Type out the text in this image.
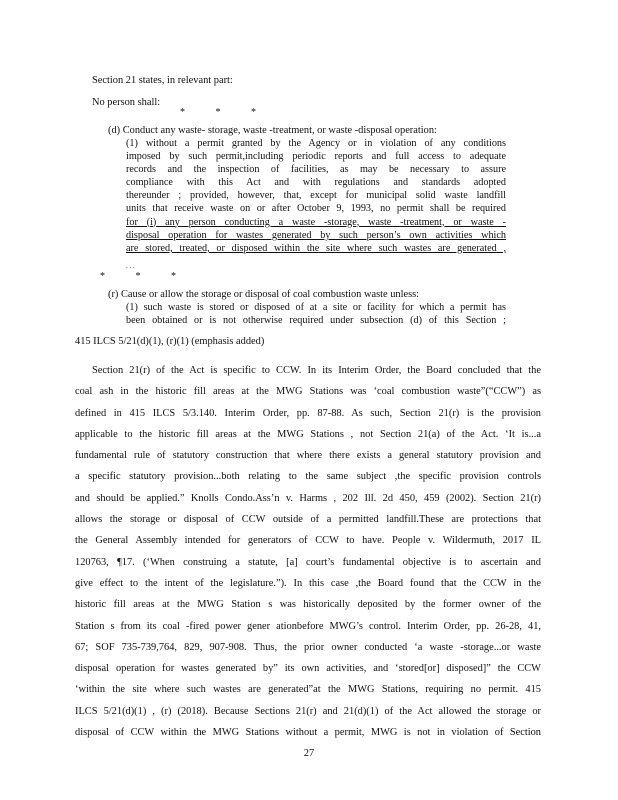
Section 21 states, in relevant part:
No person shall:
* * *
(d) Conduct any waste- storage, waste -treatment, or waste -disposal operation:
(1) without a permit granted by the Agency or in violation of any conditions
imposed by such permit,including periodic reports and full access to adequate
records and the inspection of facilities, as may be necessary to assure
compliance with this Act and with regulations and standards adopted
thereunder ; provided, however, that, except for municipal solid waste landfill
units that receive waste on or after October 9, 1993, no permit shall be required
for (i) any person conducting a waste -storage, waste -treatment, or waste -
disposal operation for wastes generated by such person’s own activities which
are stored, treated, or disposed within the site where such wastes are generated ,
. . .
* * *
(r) Cause or allow the storage or disposal of coal combustion waste unless:
(1) such waste is stored or disposed of at a site or facility for which a permit has
been obtained or is not otherwise required under subsection (d) of this Section ;
415 ILCS 5/21(d)(1), (r)(1) (emphasis added)
Section 21(r) of the Act is specific to CCW. In its Interim Order, the Board concluded that the
coal ash in the historic fill areas at the MWG Stations was ‘coal combustion waste”(“CCW”) as
defined in 415 ILCS 5/3.140. Interim Order, pp. 87-88. As such, Section 21(r) is the provision
applicable to the historic fill areas at the MWG Stations , not Section 21(a) of the Act. ‘It is...a
fundamental rule of statutory construction that where there exists a general statutory provision and
a specific statutory provision...both relating to the same subject ,the specific provision controls
and should be applied.” Knolls Condo.Ass’n v. Harms , 202 Ill. 2d 450, 459 (2002). Section 21(r)
allows the storage or disposal of CCW outside of a permitted landfill.These are protections that
the General Assembly intended for generators of CCW to have. People v. Wildermuth, 2017 IL
120763, ¶17. (‘When construing a statute, [a] court’s fundamental objective is to ascertain and
give effect to the intent of the legislature.”). In this case ,the Board found that the CCW in the
historic fill areas at the MWG Station s was historically deposited by the former owner of the
Station s from its coal -fired power gener ationbefore MWG’s control. Interim Order, pp. 26-28, 41,
67; SOF 735-739,764, 829, 907-908. Thus, the prior owner conducted ‘a waste -storage...or waste
disposal operation for wastes generated by” its own activities, and ‘stored[or] disposed]” the CCW
‘within the site where such wastes are generated”at the MWG Stations, requiring no permit. 415
ILCS 5/21(d)(1) , (r) (2018). Because Sections 21(r) and 21(d)(1) of the Act allowed the storage or
disposal of CCW within the MWG Stations without a permit, MWG is not in violation of Section
27
